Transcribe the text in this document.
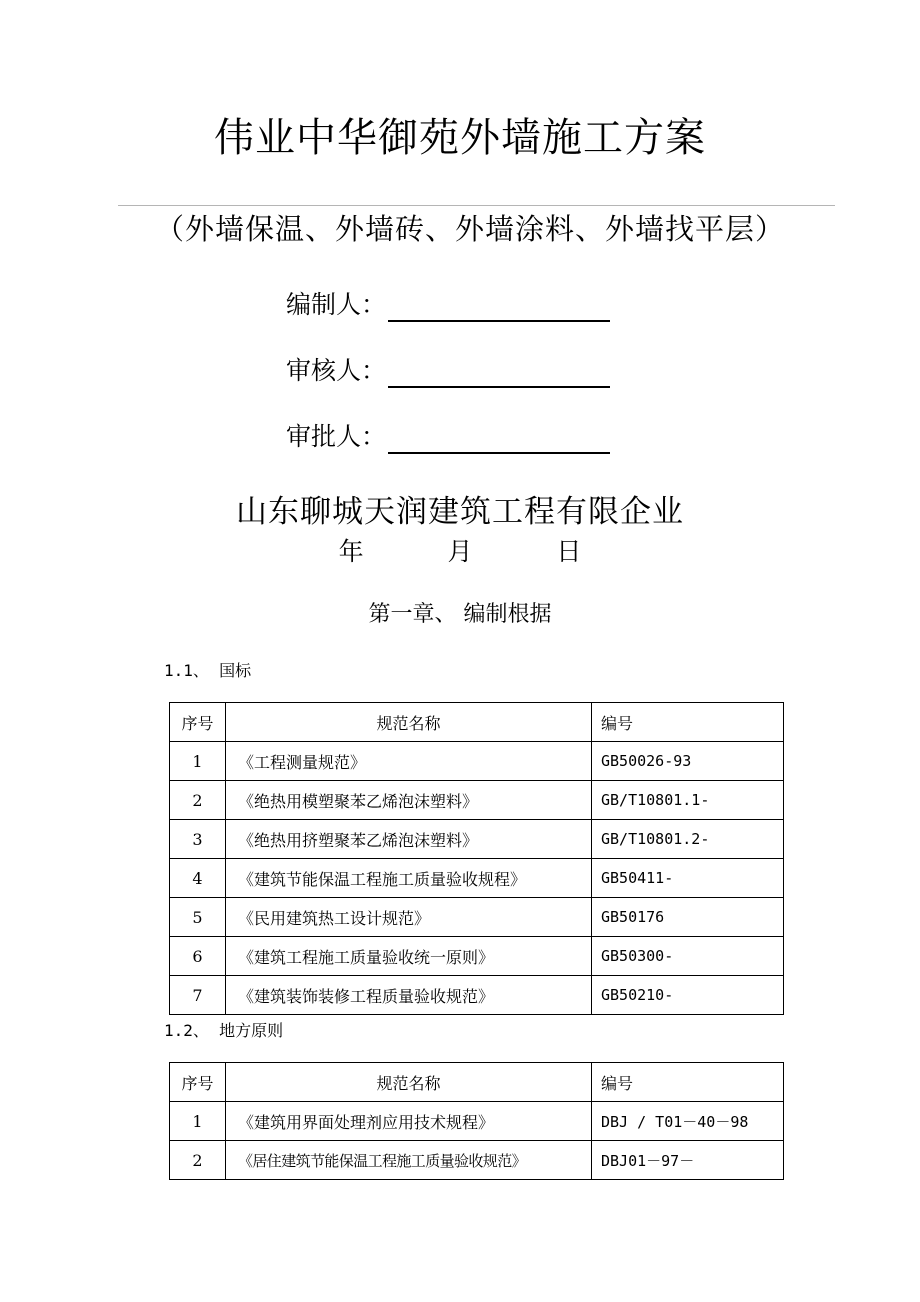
伟业中华御苑外墙施工方案
（外墙保温、外墙砖、外墙涂料、外墙找平层）
编制人：
审核人：
审批人：
山东聊城天润建筑工程有限企业
年	月	日
第一章、 编制根据
1.1、 国标
序号	规范名称	编号
1	《工程测量规范》	GB50026-93
2	《绝热用模塑聚苯乙烯泡沫塑料》	GB/T10801.1-
3	《绝热用挤塑聚苯乙烯泡沫塑料》	GB/T10801.2-
4	《建筑节能保温工程施工质量验收规程》	GB50411-
5	《民用建筑热工设计规范》	GB50176
6	《建筑工程施工质量验收统一原则》	GB50300-
7	《建筑装饰装修工程质量验收规范》	GB50210-
1.2、 地方原则
序号	规范名称	编号
1	《建筑用界面处理剂应用技术规程》	DBJ / T01－40－98
2	《居住建筑节能保温工程施工质量验收规范》	DBJ01－97－
